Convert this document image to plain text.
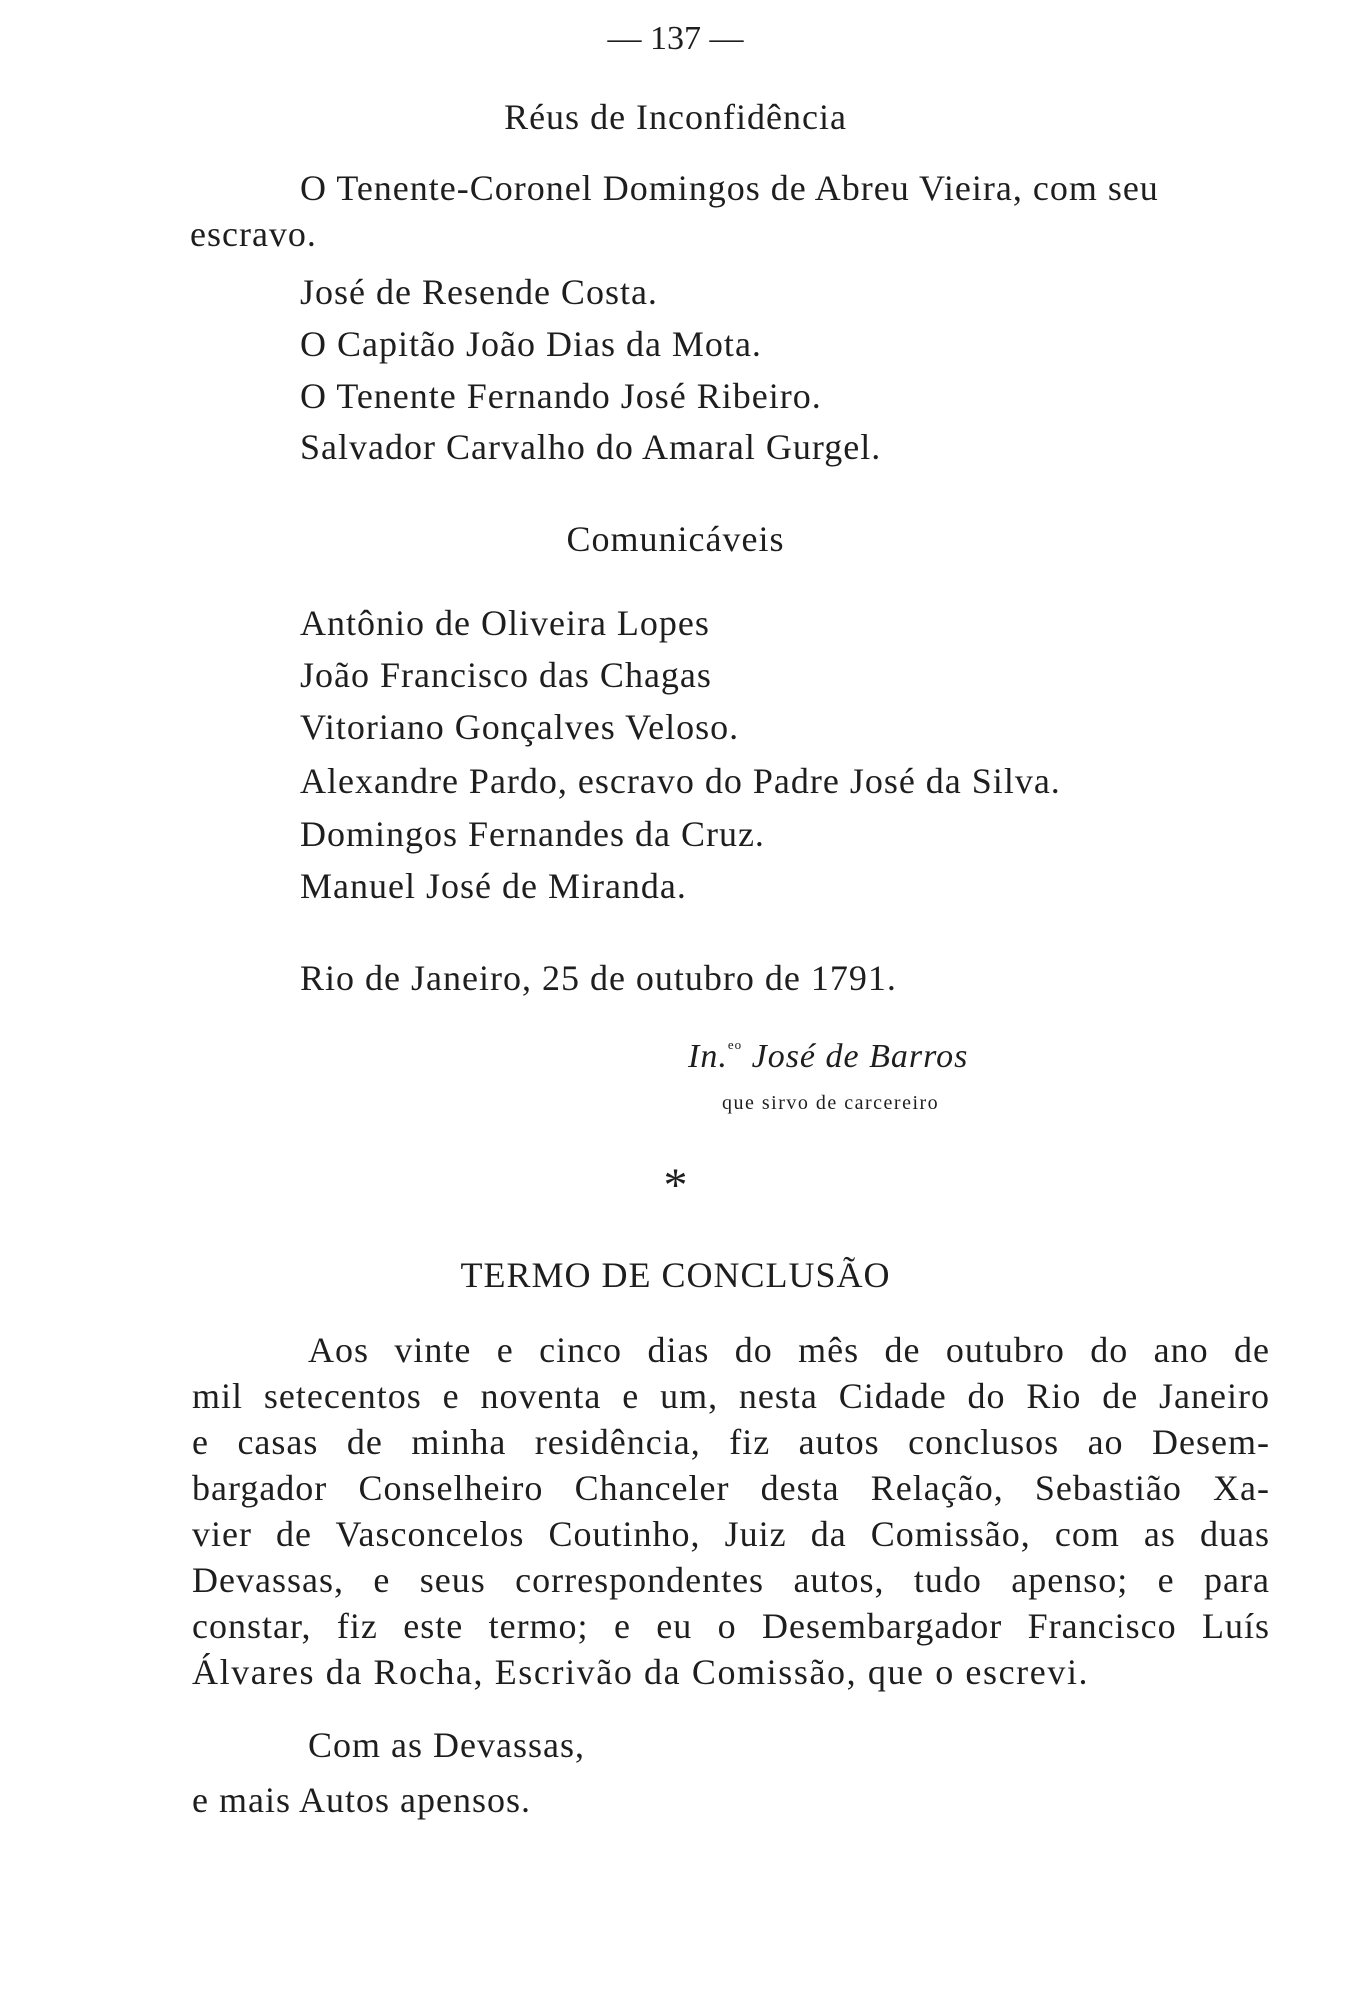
— 137 —
Réus de Inconfidência
O Tenente-Coronel Domingos de Abreu Vieira, com seu
escravo.
José de Resende Costa.
O Capitão João Dias da Mota.
O Tenente Fernando José Ribeiro.
Salvador Carvalho do Amaral Gurgel.
Comunicáveis
Antônio de Oliveira Lopes
João Francisco das Chagas
Vitoriano Gonçalves Veloso.
Alexandre Pardo, escravo do Padre José da Silva.
Domingos Fernandes da Cruz.
Manuel José de Miranda.
Rio de Janeiro, 25 de outubro de 1791.
In.$^{eo}$ José de Barros
que sirvo de carcereiro
*
TERMO DE CONCLUSÃO
Aos vinte e cinco dias do mês de outubro do ano de
mil setecentos e noventa e um, nesta Cidade do Rio de Janeiro
e casas de minha residência, fiz autos conclusos ao Desem-
bargador Conselheiro Chanceler desta Relação, Sebastião Xa-
vier de Vasconcelos Coutinho, Juiz da Comissão, com as duas
Devassas, e seus correspondentes autos, tudo apenso; e para
constar, fiz este termo; e eu o Desembargador Francisco Luís
Álvares da Rocha, Escrivão da Comissão, que o escrevi.
Com as Devassas,
e mais Autos apensos.
